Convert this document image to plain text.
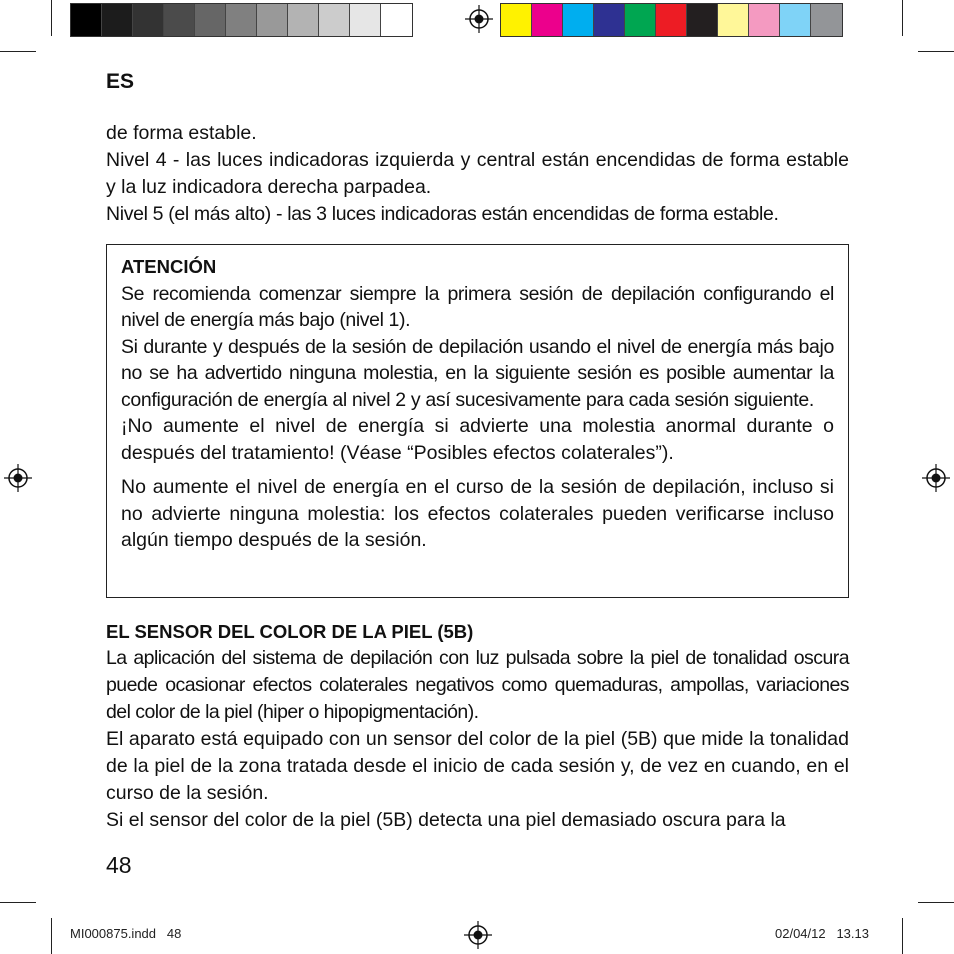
ES

de forma estable.

Nivel 4 - las luces indicadoras izquierda y central están encendidas de forma estable y la luz indicadora derecha parpadea.

Nivel 5 (el más alto) - las 3 luces indicadoras están encendidas de forma estable.

ATENCIÓN

Se recomienda comenzar siempre la primera sesión de depilación configurando el nivel de energía más bajo (nivel 1).

Si durante y después de la sesión de depilación usando el nivel de energía más bajo no se ha advertido ninguna molestia, en la siguiente sesión es posible aumentar la configuración de energía al nivel 2 y así sucesivamente para cada sesión siguiente.

¡No aumente el nivel de energía si advierte una molestia anormal durante o después del tratamiento! (Véase “Posibles efectos colaterales”).

No aumente el nivel de energía en el curso de la sesión de depilación, incluso si no advierte ninguna molestia: los efectos colaterales pueden verificarse incluso algún tiempo después de la sesión.

EL SENSOR DEL COLOR DE LA PIEL (5B)

La aplicación del sistema de depilación con luz pulsada sobre la piel de tonalidad oscura puede ocasionar efectos colaterales negativos como quemaduras, ampollas, variaciones del color de la piel (hiper o hipopigmentación).

El aparato está equipado con un sensor del color de la piel (5B) que mide la tonalidad de la piel de la zona tratada desde el inicio de cada sesión y, de vez en cuando, en el curso de la sesión.

Si el sensor del color de la piel (5B) detecta una piel demasiado oscura para la

48
MI000875.indd   48	02/04/12   13.13
